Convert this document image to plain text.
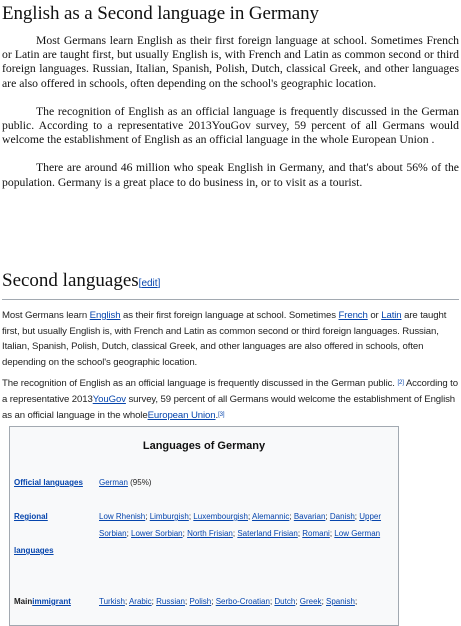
English as a Second language in Germany

Most Germans learn English as their first foreign language at school. Sometimes French or Latin are taught first, but usually English is, with French and Latin as common second or third foreign languages. Russian, Italian, Spanish, Polish, Dutch, classical Greek, and other languages are also offered in schools, often depending on the school's geographic location.

The recognition of English as an official language is frequently discussed in the German public. According to a representative 2013YouGov survey, 59 percent of all Germans would welcome the establishment of English as an official language in the whole European Union .

There are around 46 million who speak English in Germany, and that's about 56% of the population. Germany is a great place to do business in, or to visit as a tourist.

Second languages[edit]

Most Germans learn English as their first foreign language at school. Sometimes French or Latin are taught first, but usually English is, with French and Latin as common second or third foreign languages. Russian, Italian, Spanish, Polish, Dutch, classical Greek, and other languages are also offered in schools, often depending on the school's geographic location.

The recognition of English as an official language is frequently discussed in the German public. [2] According to a representative 2013YouGov survey, 59 percent of all Germans would welcome the establishment of English as an official language in the wholeEuropean Union.[3]

Languages of Germany
Official languages	German (95%)
Regional

languages
Low Rhenish; Limburgish; Luxembourgish; Alemannic; Bavarian; Danish; Upper Sorbian; Lower Sorbian; North Frisian; Saterland Frisian; Romani; Low German
Mainimmigrant	Turkish; Arabic; Russian; Polish; Serbo-Croatian; Dutch; Greek; Spanish;
